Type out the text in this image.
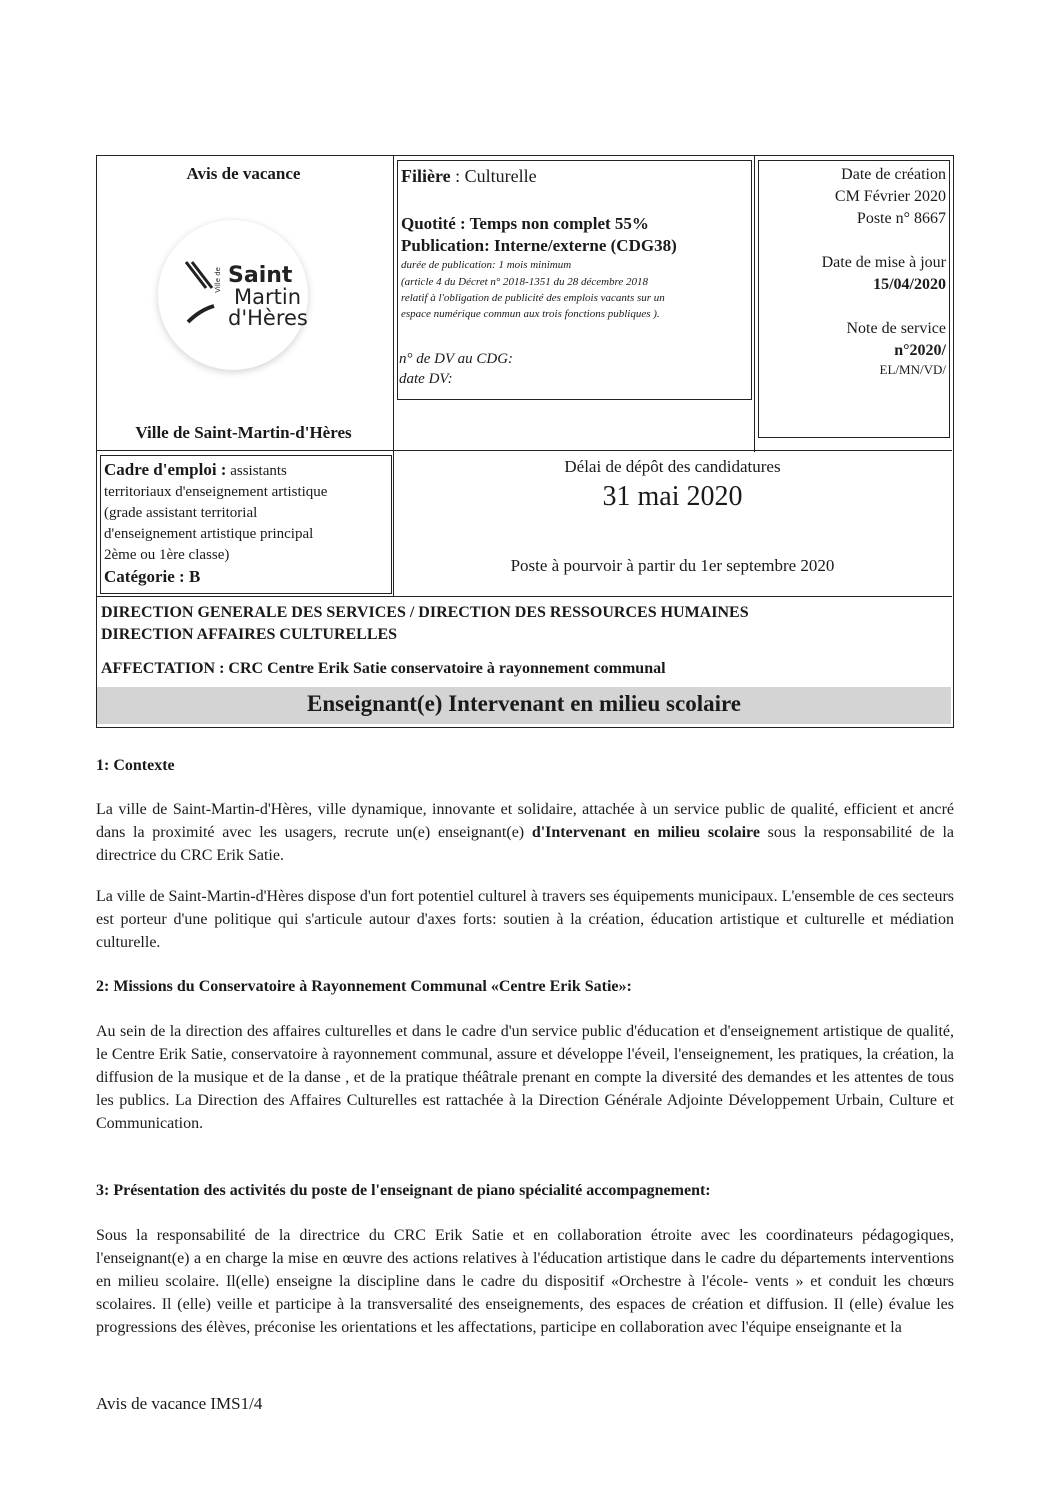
Avis de vacance
Saint
Martin
d'Hères
Ville de
Ville de Saint-Martin-d'Hères
Filière : Culturelle
Quotité : Temps non complet 55%
Publication: Interne/externe (CDG38)
durée de publication: 1 mois minimum
(article 4 du Décret n° 2018-1351 du 28 décembre 2018
relatif à l'obligation de publicité des emplois vacants sur un
espace numérique commun aux trois fonctions publiques ).
n° de DV au CDG:
date DV:
Date de création
CM Février 2020
Poste n° 8667
Date de mise à jour
15/04/2020
Note de service
n°2020/
EL/MN/VD/
Cadre d'emploi : assistants
territoriaux d'enseignement artistique
(grade assistant territorial
d'enseignement artistique principal
2ème ou 1ère classe)
Catégorie : B
Délai de dépôt des candidatures
31 mai 2020
Poste à pourvoir à partir du 1er septembre 2020
DIRECTION GENERALE DES SERVICES / DIRECTION DES RESSOURCES HUMAINES
DIRECTION AFFAIRES CULTURELLES
AFFECTATION : CRC Centre Erik Satie conservatoire à rayonnement communal
Enseignant(e) Intervenant en milieu scolaire
1: Contexte
La ville de Saint-Martin-d'Hères, ville dynamique, innovante et solidaire, attachée à un service public de qualité, efficient et ancré dans la proximité avec les usagers, recrute un(e) enseignant(e) d'Intervenant en milieu scolaire sous la responsabilité de la directrice du CRC Erik Satie.
La ville de Saint-Martin-d'Hères dispose d'un fort potentiel culturel à travers ses équipements municipaux. L'ensemble de ces secteurs est porteur d'une politique qui s'articule autour d'axes forts: soutien à la création, éducation artistique et culturelle et médiation culturelle.
2: Missions du Conservatoire à Rayonnement Communal «Centre Erik Satie»:
Au sein de la direction des affaires culturelles et dans le cadre d'un service public d'éducation et d'enseignement artistique de qualité, le Centre Erik Satie, conservatoire à rayonnement communal, assure et développe l'éveil, l'enseignement, les pratiques, la création, la diffusion de la musique et de la danse , et de la pratique théâtrale prenant en compte la diversité des demandes et les attentes de tous les publics. La Direction des Affaires Culturelles est rattachée à la Direction Générale Adjointe Développement Urbain, Culture et Communication.
3: Présentation des activités du poste de l'enseignant de piano spécialité accompagnement:
Sous la responsabilité de la directrice du CRC Erik Satie et en collaboration étroite avec les coordinateurs pédagogiques, l'enseignant(e) a en charge la mise en œuvre des actions relatives à l'éducation artistique dans le cadre du départements interventions en milieu scolaire. Il(elle) enseigne la discipline dans le cadre du dispositif «Orchestre à l'école- vents » et conduit les chœurs scolaires. Il (elle) veille et participe à la transversalité des enseignements, des espaces de création et diffusion. Il (elle) évalue les progressions des élèves, préconise les orientations et les affectations, participe en collaboration avec l'équipe enseignante et la
Avis de vacance IMS1/4
